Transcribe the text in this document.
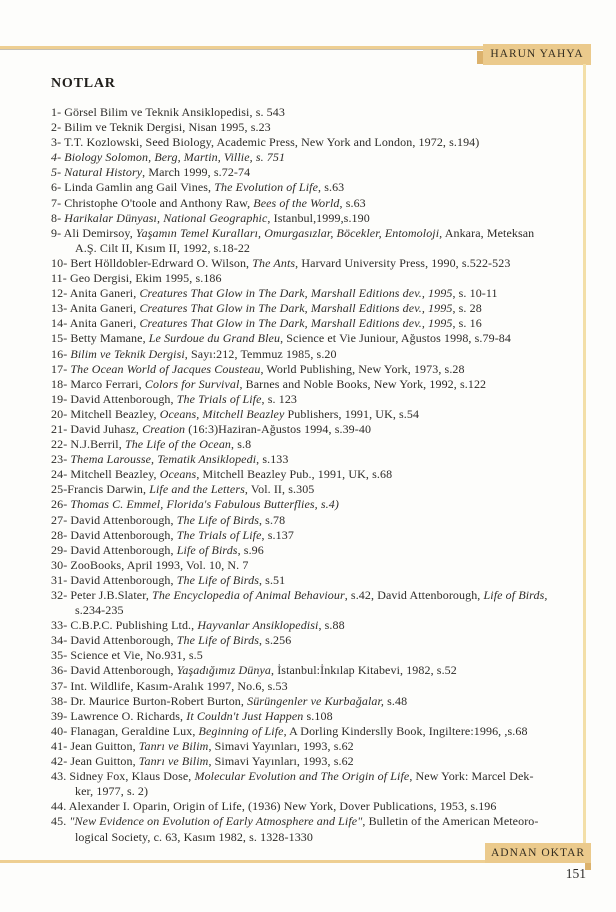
HARUN YAHYA
NOTLAR
1- Görsel Bilim ve Teknik Ansiklopedisi, s. 543
2- Bilim ve Teknik Dergisi, Nisan 1995, s.23
3- T.T. Kozlowski, Seed Biology, Academic Press, New York and London, 1972, s.194)
4- Biology Solomon, Berg, Martin, Villie, s. 751
5- Natural History, March 1999, s.72-74
6- Linda Gamlin ang Gail Vines, The Evolution of Life, s.63
7- Christophe O'toole and Anthony Raw, Bees of the World, s.63
8- Harikalar Dünyası, National Geographic, Istanbul,1999,s.190
9- Ali Demirsoy, Yaşamın Temel Kuralları, Omurgasızlar, Böcekler, Entomoloji, Ankara, Meteksan
A.Ş. Cilt II, Kısım II, 1992, s.18-22
10- Bert Hölldobler-Edrward O. Wilson, The Ants, Harvard University Press, 1990, s.522-523
11- Geo Dergisi, Ekim 1995, s.186
12- Anita Ganeri, Creatures That Glow in The Dark, Marshall Editions dev., 1995, s. 10-11
13- Anita Ganeri, Creatures That Glow in The Dark, Marshall Editions dev., 1995, s. 28
14- Anita Ganeri, Creatures That Glow in The Dark, Marshall Editions dev., 1995, s. 16
15- Betty Mamane, Le Surdoue du Grand Bleu, Science et Vie Juniour, Ağustos 1998, s.79-84
16- Bilim ve Teknik Dergisi, Sayı:212, Temmuz 1985, s.20
17- The Ocean World of Jacques Cousteau, World Publishing, New York, 1973, s.28
18- Marco Ferrari, Colors for Survival, Barnes and Noble Books, New York, 1992, s.122
19- David Attenborough, The Trials of Life, s. 123
20- Mitchell Beazley, Oceans, Mitchell Beazley Publishers, 1991, UK, s.54
21- David Juhasz, Creation (16:3)Haziran-Ağustos 1994, s.39-40
22- N.J.Berril, The Life of the Ocean, s.8
23- Thema Larousse, Tematik Ansiklopedi, s.133
24- Mitchell Beazley, Oceans, Mitchell Beazley Pub., 1991, UK, s.68
25-Francis Darwin, Life and the Letters, Vol. II, s.305
26- Thomas C. Emmel, Florida's Fabulous Butterflies, s.4)
27- David Attenborough, The Life of Birds, s.78
28- David Attenborough, The Trials of Life, s.137
29- David Attenborough, Life of Birds, s.96
30- ZooBooks, April 1993, Vol. 10, N. 7
31- David Attenborough, The Life of Birds, s.51
32- Peter J.B.Slater, The Encyclopedia of Animal Behaviour, s.42, David Attenborough, Life of Birds,
s.234-235
33- C.B.P.C. Publishing Ltd., Hayvanlar Ansiklopedisi, s.88
34- David Attenborough, The Life of Birds, s.256
35- Science et Vie, No.931, s.5
36- David Attenborough, Yaşadığımız Dünya, İstanbul:İnkılap Kitabevi, 1982, s.52
37- Int. Wildlife, Kasım-Aralık 1997, No.6, s.53
38- Dr. Maurice Burton-Robert Burton, Sürüngenler ve Kurbağalar, s.48
39- Lawrence O. Richards, It Couldn't Just Happen s.108
40- Flanagan, Geraldine Lux, Beginning of Life, A Dorling Kinderslly Book, Ingiltere:1996, ,s.68
41- Jean Guitton, Tanrı ve Bilim, Simavi Yayınları, 1993, s.62
42- Jean Guitton, Tanrı ve Bilim, Simavi Yayınları, 1993, s.62
43. Sidney Fox, Klaus Dose, Molecular Evolution and The Origin of Life, New York: Marcel Dek-
ker, 1977, s. 2)
44. Alexander I. Oparin, Origin of Life, (1936) New York, Dover Publications, 1953, s.196
45. "New Evidence on Evolution of Early Atmosphere and Life", Bulletin of the American Meteoro-
logical Society, c. 63, Kasım 1982, s. 1328-1330
ADNAN OKTAR
151
